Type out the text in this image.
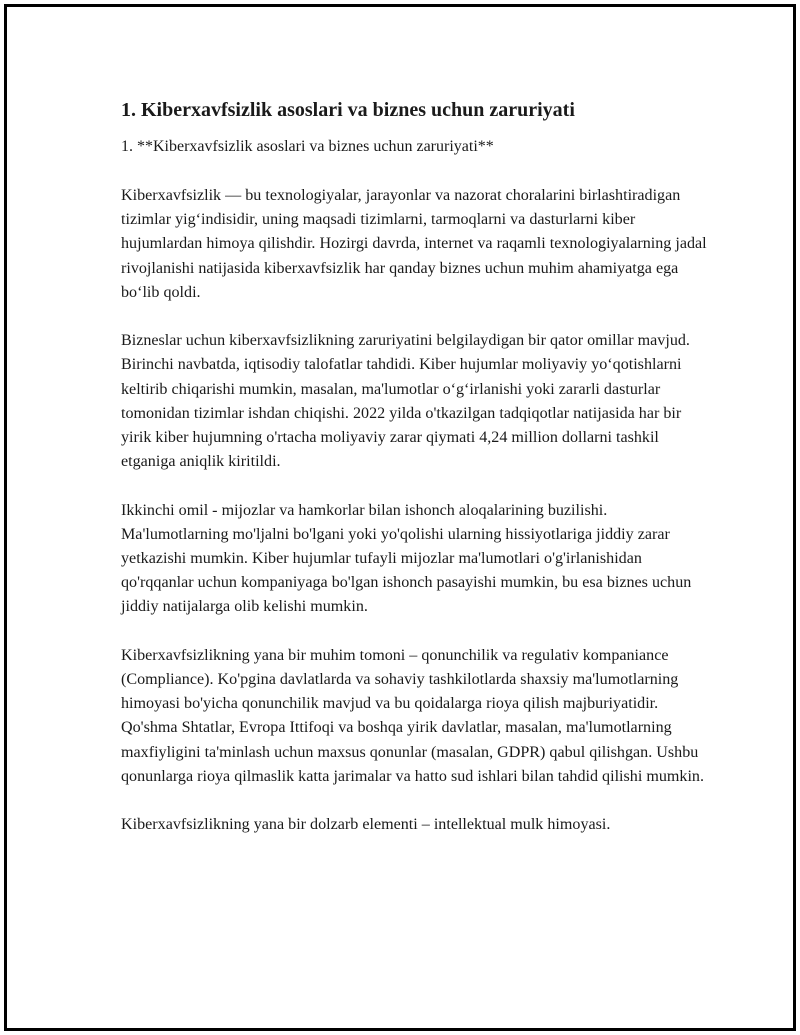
1. Kiberxavfsizlik asoslari va biznes uchun zaruriyati

1. **Kiberxavfsizlik asoslari va biznes uchun zaruriyati**

Kiberxavfsizlik — bu texnologiyalar, jarayonlar va nazorat choralarini birlashtiradigan tizimlar yig‘indisidir, uning maqsadi tizimlarni, tarmoqlarni va dasturlarni kiber hujumlardan himoya qilishdir. Hozirgi davrda, internet va raqamli texnologiyalarning jadal rivojlanishi natijasida kiberxavfsizlik har qanday biznes uchun muhim ahamiyatga ega bo‘lib qoldi.

Bizneslar uchun kiberxavfsizlikning zaruriyatini belgilaydigan bir qator omillar mavjud. Birinchi navbatda, iqtisodiy talofatlar tahdidi. Kiber hujumlar moliyaviy yo‘qotishlarni keltirib chiqarishi mumkin, masalan, ma'lumotlar o‘g‘irlanishi yoki zararli dasturlar tomonidan tizimlar ishdan chiqishi. 2022 yilda o'tkazilgan tadqiqotlar natijasida har bir yirik kiber hujumning o'rtacha moliyaviy zarar qiymati 4,24 million dollarni tashkil etganiga aniqlik kiritildi.

Ikkinchi omil - mijozlar va hamkorlar bilan ishonch aloqalarining buzilishi. Ma'lumotlarning mo'ljalni bo'lgani yoki yo'qolishi ularning hissiyotlariga jiddiy zarar yetkazishi mumkin. Kiber hujumlar tufayli mijozlar ma'lumotlari o'g'irlanishidan qo'rqqanlar uchun kompaniyaga bo'lgan ishonch pasayishi mumkin, bu esa biznes uchun jiddiy natijalarga olib kelishi mumkin.

Kiberxavfsizlikning yana bir muhim tomoni – qonunchilik va regulativ kompaniance (Compliance). Ko'pgina davlatlarda va sohaviy tashkilotlarda shaxsiy ma'lumotlarning himoyasi bo'yicha qonunchilik mavjud va bu qoidalarga rioya qilish majburiyatidir. Qo'shma Shtatlar, Evropa Ittifoqi va boshqa yirik davlatlar, masalan, ma'lumotlarning maxfiyligini ta'minlash uchun maxsus qonunlar (masalan, GDPR) qabul qilishgan. Ushbu qonunlarga rioya qilmaslik katta jarimalar va hatto sud ishlari bilan tahdid qilishi mumkin.

Kiberxavfsizlikning yana bir dolzarb elementi – intellektual mulk himoyasi.
